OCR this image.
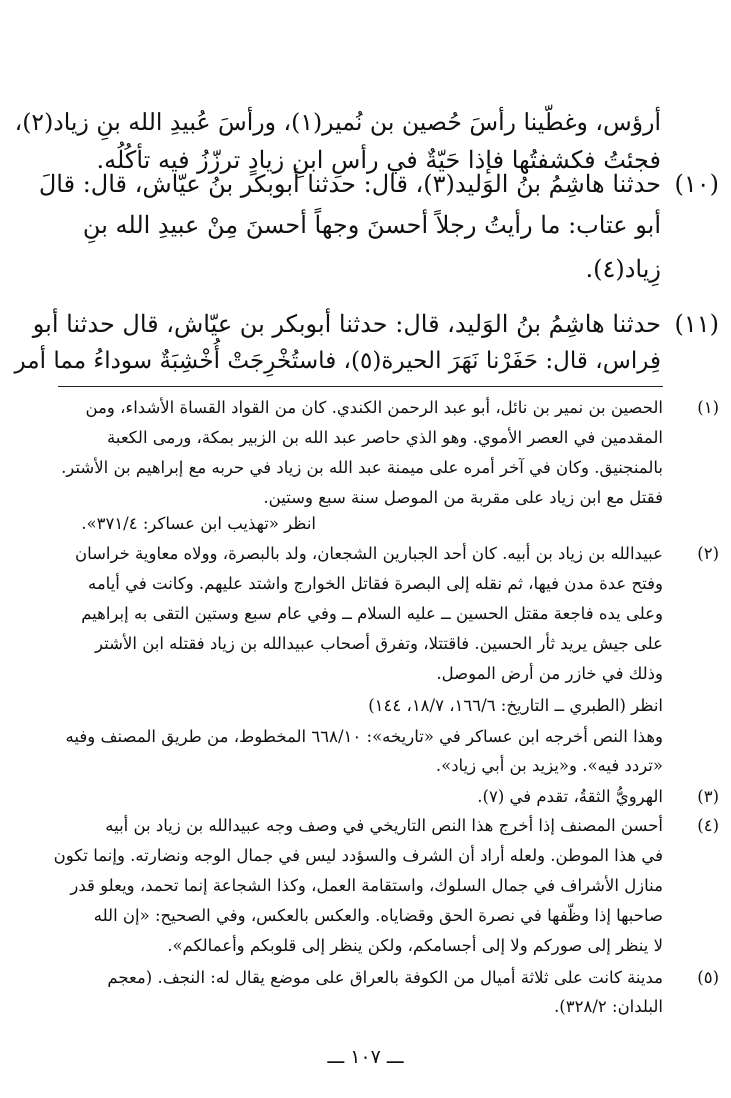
أرؤس، وغطّينا رأسَ حُصين بن نُمير(١)، ورأسَ عُبيدِ الله بنِ زياد(٢)،
فجئتُ فكشفتُها فإذا حَيّةٌ في رأسِ ابنِ زيادٍ ترزّزُ فيه تأكُلُه.
(١٠)
حدثنا هاشِمُ بنُ الوَليد(٣)، قال: حدثنا أبوبكر بنُ عيّاش، قال: قالَ
أبو عتاب: ما رأيتُ رجلاً أحسنَ وجهاً أحسنَ مِنْ عبيدِ الله بنِ
زِياد(٤).
(١١)
حدثنا هاشِمُ بنُ الوَليد، قال: حدثنا أبوبكر بن عيّاش، قال حدثنا أبو
فِراس، قال: حَفَرْنا نَهَرَ الحيرة(٥)، فاستُخْرِجَتْ أُخْشِبَةٌ سوداءُ مما أمر
(١)
الحصين بن نمير بن نائل، أبو عبد الرحمن الكندي. كان من القواد القساة الأشداء، ومن
المقدمين في العصر الأموي. وهو الذي حاصر عبد الله بن الزبير بمكة، ورمى الكعبة
بالمنجنيق. وكان في آخر أمره على ميمنة عبد الله بن زياد في حربه مع إبراهيم بن الأشتر.
فقتل مع ابن زياد على مقربة من الموصل سنة سبع وستين.
انظر «تهذيب ابن عساكر: ٣٧١/٤».
(٢)
عبيدالله بن زياد بن أبيه. كان أحد الجبارين الشجعان، ولد بالبصرة، وولاه معاوية خراسان
وفتح عدة مدن فيها، ثم نقله إلى البصرة فقاتل الخوارج واشتد عليهم. وكانت في أيامه
وعلى يده فاجعة مقتل الحسين ــ عليه السلام ــ وفي عام سبع وستين التقى به إبراهيم
على جيش يريد ثأر الحسين. فاقتتلا، وتفرق أصحاب عبيدالله بن زياد فقتله ابن الأشتر
وذلك في خازر من أرض الموصل.
انظر (الطبري ــ التاريخ: ١٦٦/٦، ١٨/٧، ١٤٤)
وهذا النص أخرجه ابن عساكر في «تاريخه»: ٦٦٨/١٠ المخطوط، من طريق المصنف وفيه
«تردد فيه». و«يزيد بن أبي زياد».
(٣)
الهرويُّ الثقةُ، تقدم في (٧).
(٤)
أحسن المصنف إذا أخرج هذا النص التاريخي في وصف وجه عبيدالله بن زياد بن أبيه
في هذا الموطن. ولعله أراد أن الشرف والسؤدد ليس في جمال الوجه ونضارته. وإنما تكون
منازل الأشراف في جمال السلوك، واستقامة العمل، وكذا الشجاعة إنما تحمد، ويعلو قدر
صاحبها إذا وظّفها في نصرة الحق وقضاياه. والعكس بالعكس، وفي الصحيح: «إن الله
لا ينظر إلى صوركم ولا إلى أجسامكم، ولكن ينظر إلى قلوبكم وأعمالكم».
(٥)
مدينة كانت على ثلاثة أميال من الكوفة بالعراق على موضع يقال له: النجف. (معجم
البلدان: ٣٢٨/٢).
ـــ ١٠٧ ـــ
